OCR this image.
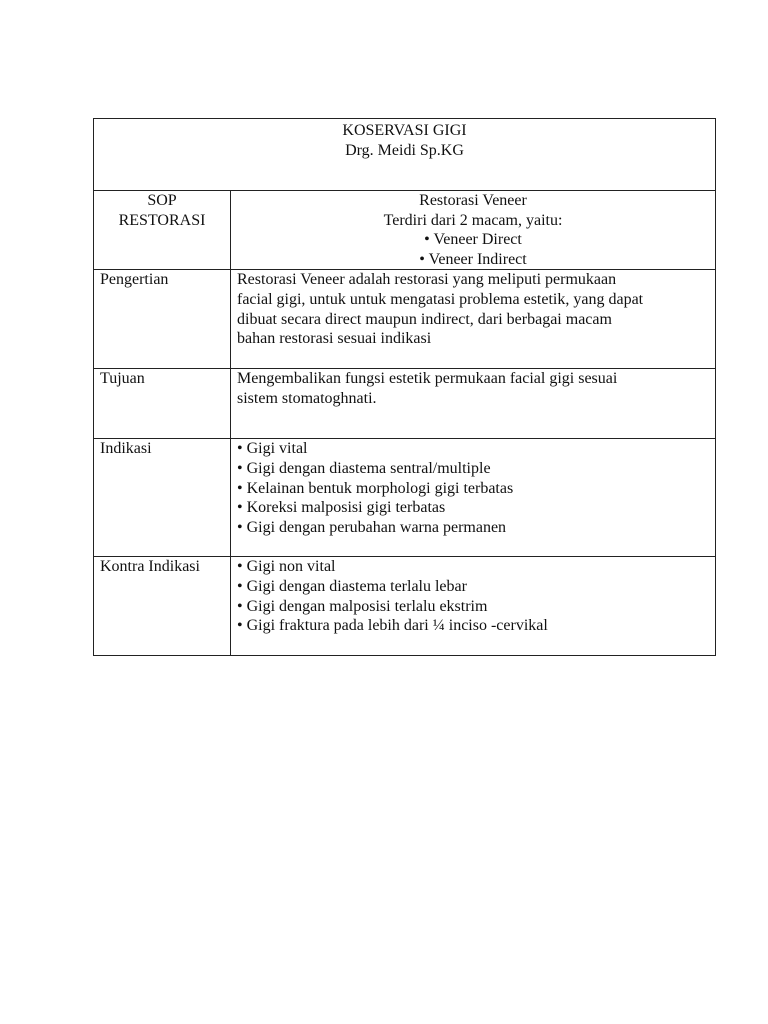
KOSERVASI GIGI
Drg. Meidi Sp.KG	

SOP
RESTORASI	Restorasi Veneer
Terdiri dari 2 macam, yaitu:
• Veneer Direct
• Veneer Indirect

Pengertian	Restorasi Veneer adalah restorasi yang meliputi permukaan
facial gigi, untuk untuk mengatasi problema estetik, yang dapat
dibuat secara direct maupun indirect, dari berbagai macam
bahan restorasi sesuai indikasi

Tujuan	Mengembalikan fungsi estetik permukaan facial gigi sesuai
sistem stomatoghnati.

Indikasi	• Gigi vital
• Gigi dengan diastema sentral/multiple
• Kelainan bentuk morphologi gigi terbatas
• Koreksi malposisi gigi terbatas
• Gigi dengan perubahan warna permanen

Kontra Indikasi	• Gigi non vital
• Gigi dengan diastema terlalu lebar
• Gigi dengan malposisi terlalu ekstrim
• Gigi fraktura pada lebih dari ¼ inciso -cervikal
